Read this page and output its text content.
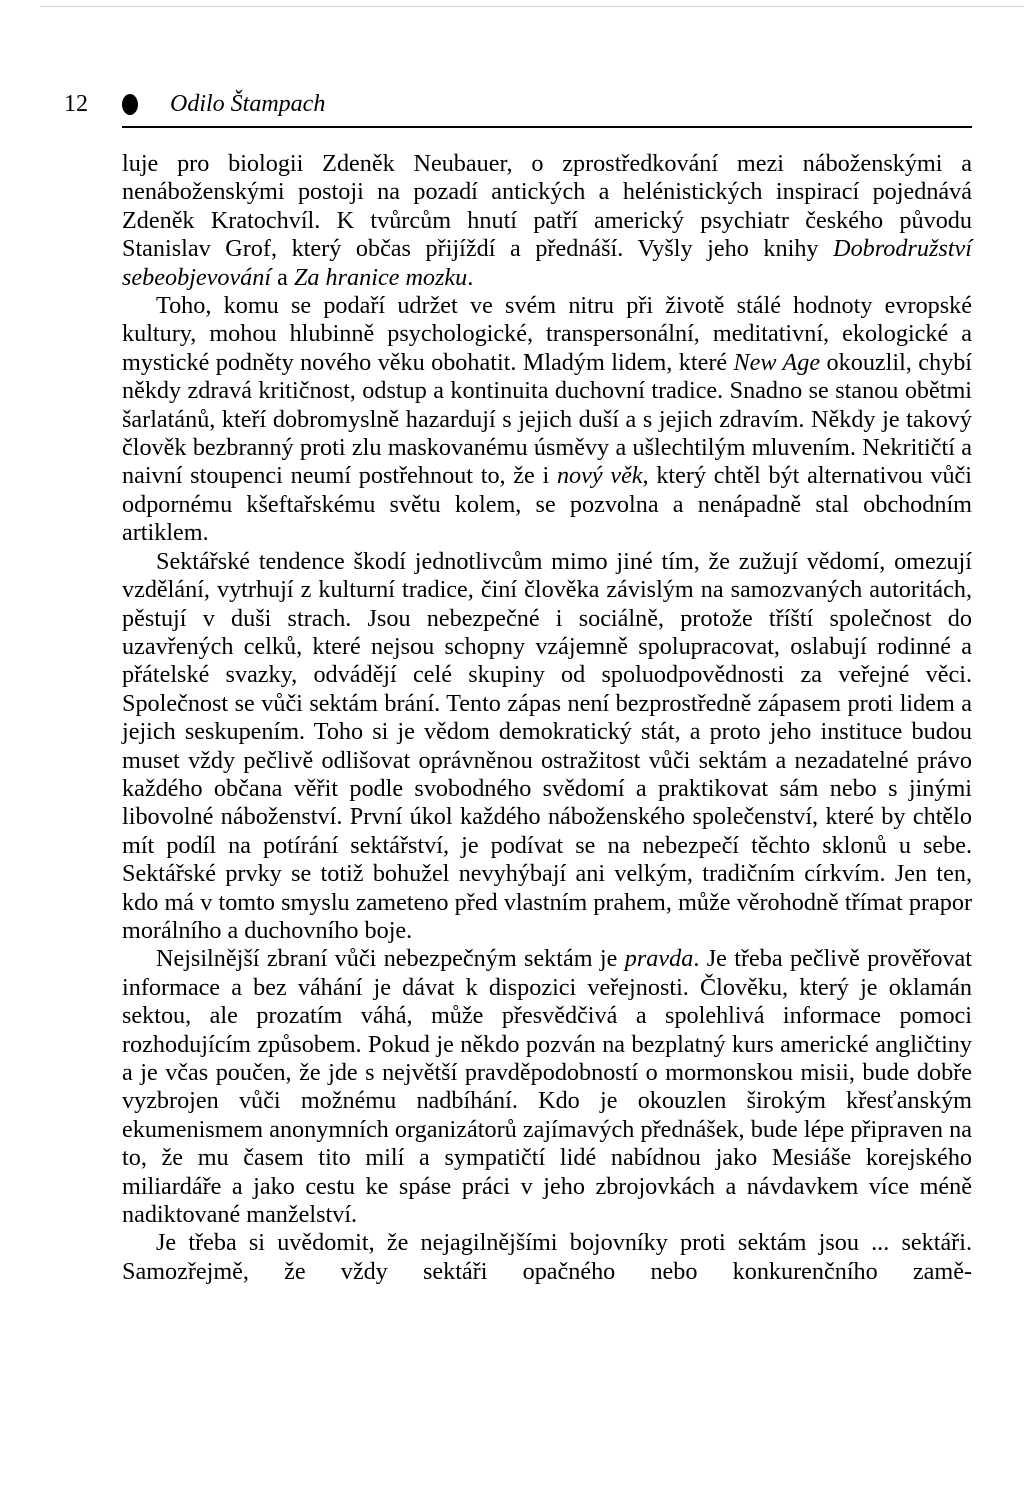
12	Odilo Štampach

luje pro biologii Zdeněk Neubauer, o zprostředkování mezi náboženskými a nenáboženskými postoji na pozadí antických a helénistických inspirací pojednává Zdeněk Kratochvíl. K tvůrcům hnutí patří americký psychiatr českého původu Stanislav Grof, který občas přijíždí a přednáší. Vyšly jeho knihy Dobrodružství sebeobjevování a Za hranice mozku.

Toho, komu se podaří udržet ve svém nitru při životě stálé hodnoty evropské kultury, mohou hlubinně psychologické, transpersonální, meditativní, ekologické a mystické podněty nového věku obohatit. Mladým lidem, které New Age okouzlil, chybí někdy zdravá kritičnost, odstup a kontinuita duchovní tradice. Snadno se stanou obětmi šarlatánů, kteří dobromyslně hazardují s jejich duší a s jejich zdravím. Někdy je takový člověk bezbranný proti zlu maskovanému úsměvy a ušlechtilým mluvením. Nekritičtí a naivní stoupenci neumí postřehnout to, že i nový věk, který chtěl být alternativou vůči odpornému kšeftařskému světu kolem, se pozvolna a nenápadně stal obchodním artiklem.

Sektářské tendence škodí jednotlivcům mimo jiné tím, že zužují vědomí, omezují vzdělání, vytrhují z kulturní tradice, činí člověka závislým na samozvaných autoritách, pěstují v duši strach. Jsou nebezpečné i sociálně, protože tříští společnost do uzavřených celků, které nejsou schopny vzájemně spolupracovat, oslabují rodinné a přátelské svazky, odvádějí celé skupiny od spoluodpovědnosti za veřejné věci. Společnost se vůči sektám brání. Tento zápas není bezprostředně zápasem proti lidem a jejich seskupením. Toho si je vědom demokratický stát, a proto jeho instituce budou muset vždy pečlivě odlišovat oprávněnou ostražitost vůči sektám a nezadatelné právo každého občana věřit podle svobodného svědomí a praktikovat sám nebo s jinými libovolné náboženství. První úkol každého náboženského společenství, které by chtělo mít podíl na potírání sektářství, je podívat se na nebezpečí těchto sklonů u sebe. Sektářské prvky se totiž bohužel nevyhýbají ani velkým, tradičním církvím. Jen ten, kdo má v tomto smyslu zameteno před vlastním prahem, může věrohodně třímat prapor morálního a duchovního boje.

Nejsilnější zbraní vůči nebezpečným sektám je pravda. Je třeba pečlivě prověřovat informace a bez váhání je dávat k dispozici veřejnosti. Člověku, který je oklamán sektou, ale prozatím váhá, může přesvědčivá a spolehlivá informace pomoci rozhodujícím způsobem. Pokud je někdo pozván na bezplatný kurs americké angličtiny a je včas poučen, že jde s největší pravděpodobností o mormonskou misii, bude dobře vyzbrojen vůči možnému nadbíhání. Kdo je okouzlen širokým křesťanským ekumenismem anonymních organizátorů zajímavých přednášek, bude lépe připraven na to, že mu časem tito milí a sympatičtí lidé nabídnou jako Mesiáše korejského miliardáře a jako cestu ke spáse práci v jeho zbrojovkách a návdavkem více méně nadiktované manželství.

Je třeba si uvědomit, že nejagilnějšími bojovníky proti sektám jsou ... sektáři. Samozřejmě, že vždy sektáři opačného nebo konkurenčního zamě-
